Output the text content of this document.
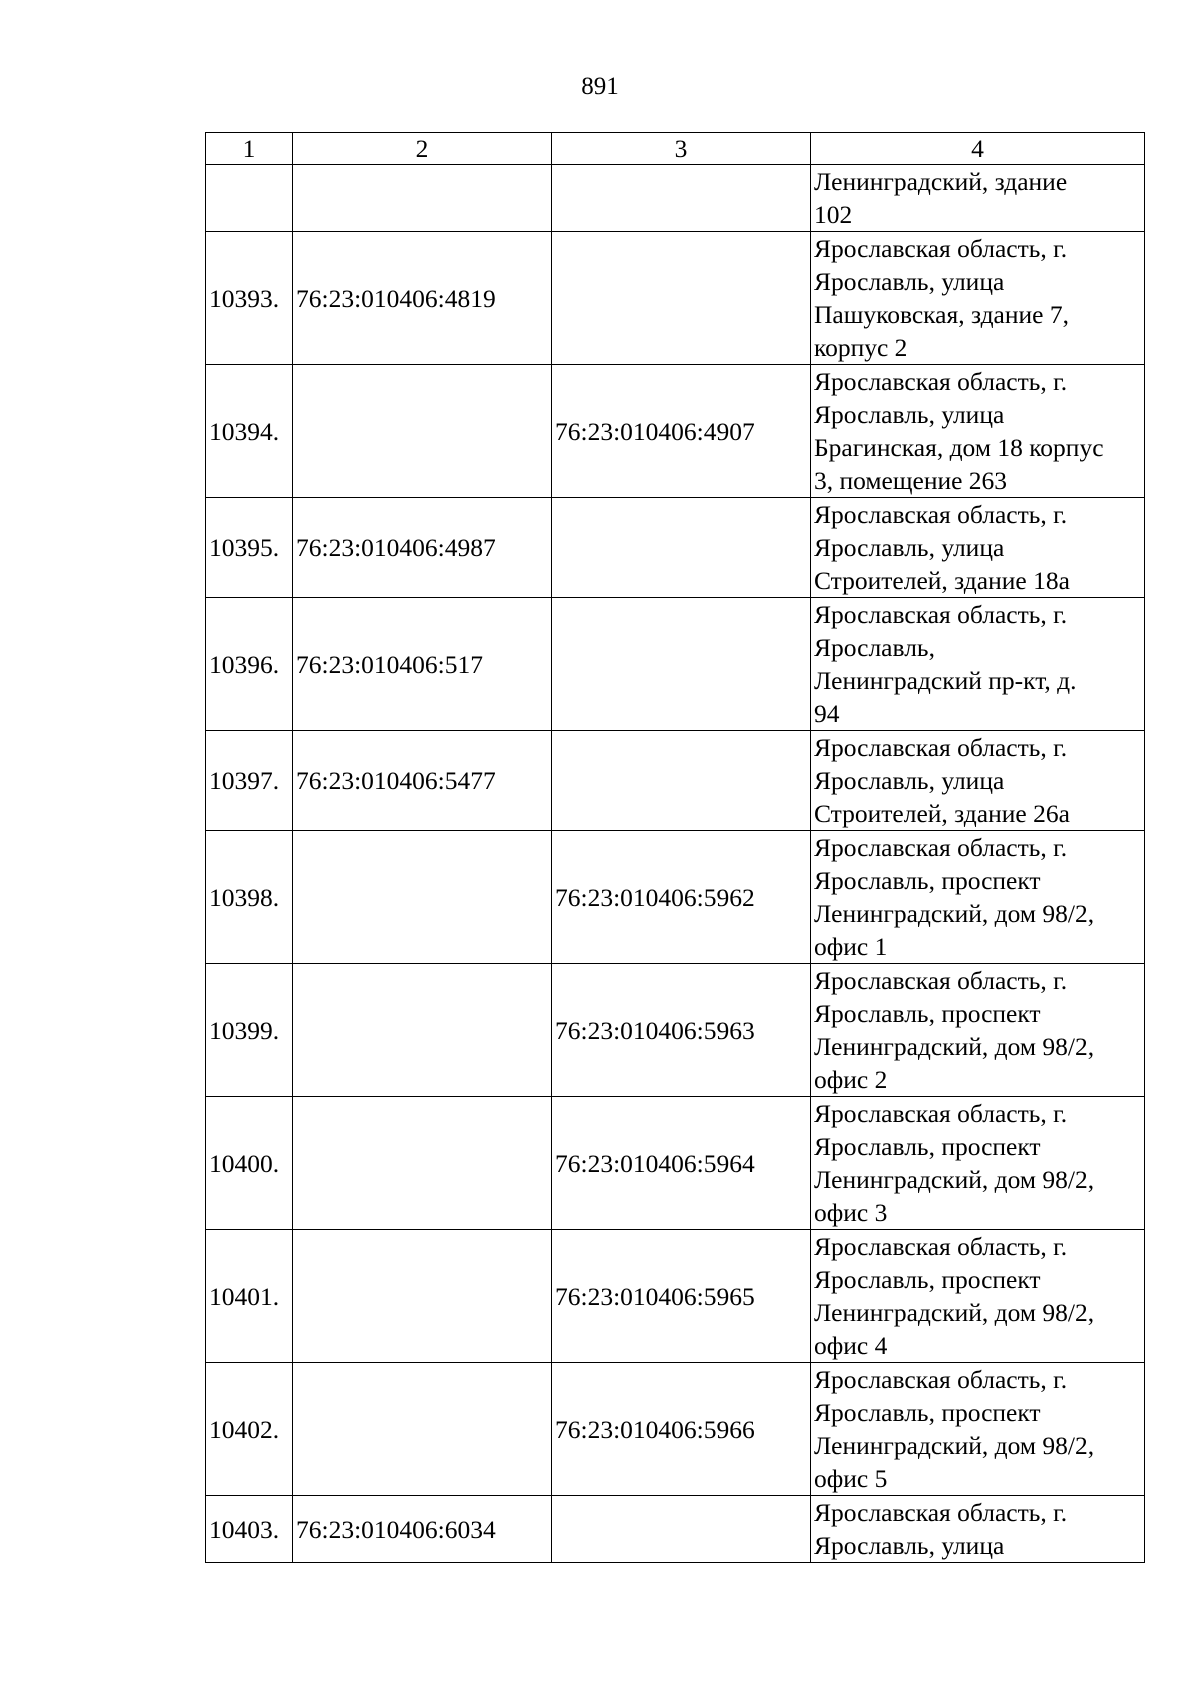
891
1	2	3	4

			Ленинградский, здание
102

10393.	76:23:010406:4819		Ярославская область, г.
Ярославль, улица
Пашуковская, здание 7,
корпус 2

10394.		76:23:010406:4907	Ярославская область, г.
Ярославль, улица
Брагинская, дом 18 корпус
3, помещение 263

10395.	76:23:010406:4987		Ярославская область, г.
Ярославль, улица
Строителей, здание 18а

10396.	76:23:010406:517		Ярославская область, г.
Ярославль,
Ленинградский пр-кт, д.
94

10397.	76:23:010406:5477		Ярославская область, г.
Ярославль, улица
Строителей, здание 26а

10398.		76:23:010406:5962	Ярославская область, г.
Ярославль, проспект
Ленинградский, дом 98/2,
офис 1

10399.		76:23:010406:5963	Ярославская область, г.
Ярославль, проспект
Ленинградский, дом 98/2,
офис 2

10400.		76:23:010406:5964	Ярославская область, г.
Ярославль, проспект
Ленинградский, дом 98/2,
офис 3

10401.		76:23:010406:5965	Ярославская область, г.
Ярославль, проспект
Ленинградский, дом 98/2,
офис 4

10402.		76:23:010406:5966	Ярославская область, г.
Ярославль, проспект
Ленинградский, дом 98/2,
офис 5

10403.	76:23:010406:6034		Ярославская область, г.
Ярославль, улица
